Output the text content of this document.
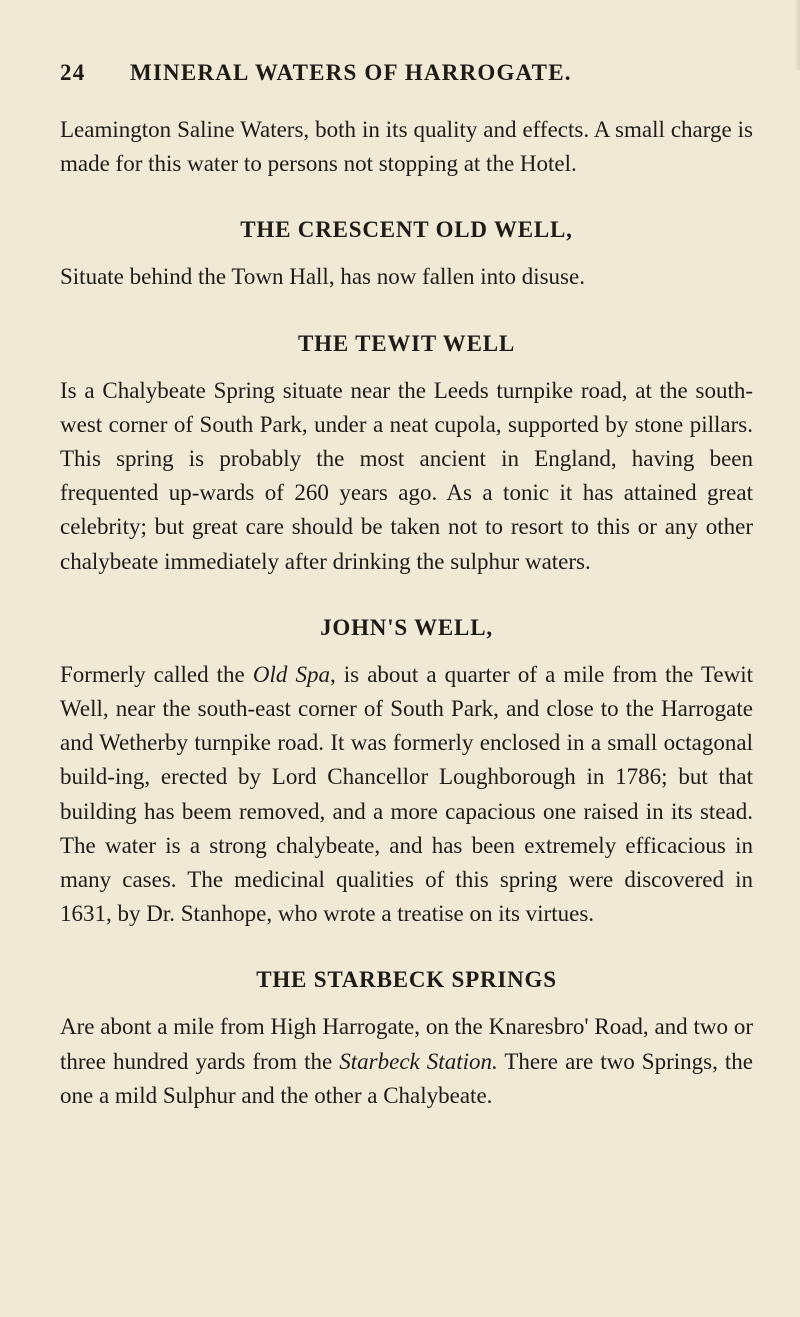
24 MINERAL WATERS OF HARROGATE.

Leamington Saline Waters, both in its quality and effects. A small charge is made for this water to persons not stopping at the Hotel.

THE CRESCENT OLD WELL,

Situate behind the Town Hall, has now fallen into disuse.

THE TEWIT WELL

Is a Chalybeate Spring situate near the Leeds turnpike road, at the south-west corner of South Park, under a neat cupola, supported by stone pillars. This spring is probably the most ancient in England, having been frequented up-wards of 260 years ago. As a tonic it has attained great celebrity; but great care should be taken not to resort to this or any other chalybeate immediately after drinking the sulphur waters.

JOHN'S WELL,

Formerly called the Old Spa, is about a quarter of a mile from the Tewit Well, near the south-east corner of South Park, and close to the Harrogate and Wetherby turnpike road. It was formerly enclosed in a small octagonal build-ing, erected by Lord Chancellor Loughborough in 1786; but that building has beem removed, and a more capacious one raised in its stead. The water is a strong chalybeate, and has been extremely efficacious in many cases. The medicinal qualities of this spring were discovered in 1631, by Dr. Stanhope, who wrote a treatise on its virtues.

THE STARBECK SPRINGS

Are abont a mile from High Harrogate, on the Knaresbro' Road, and two or three hundred yards from the Starbeck Station. There are two Springs, the one a mild Sulphur and the other a Chalybeate.
